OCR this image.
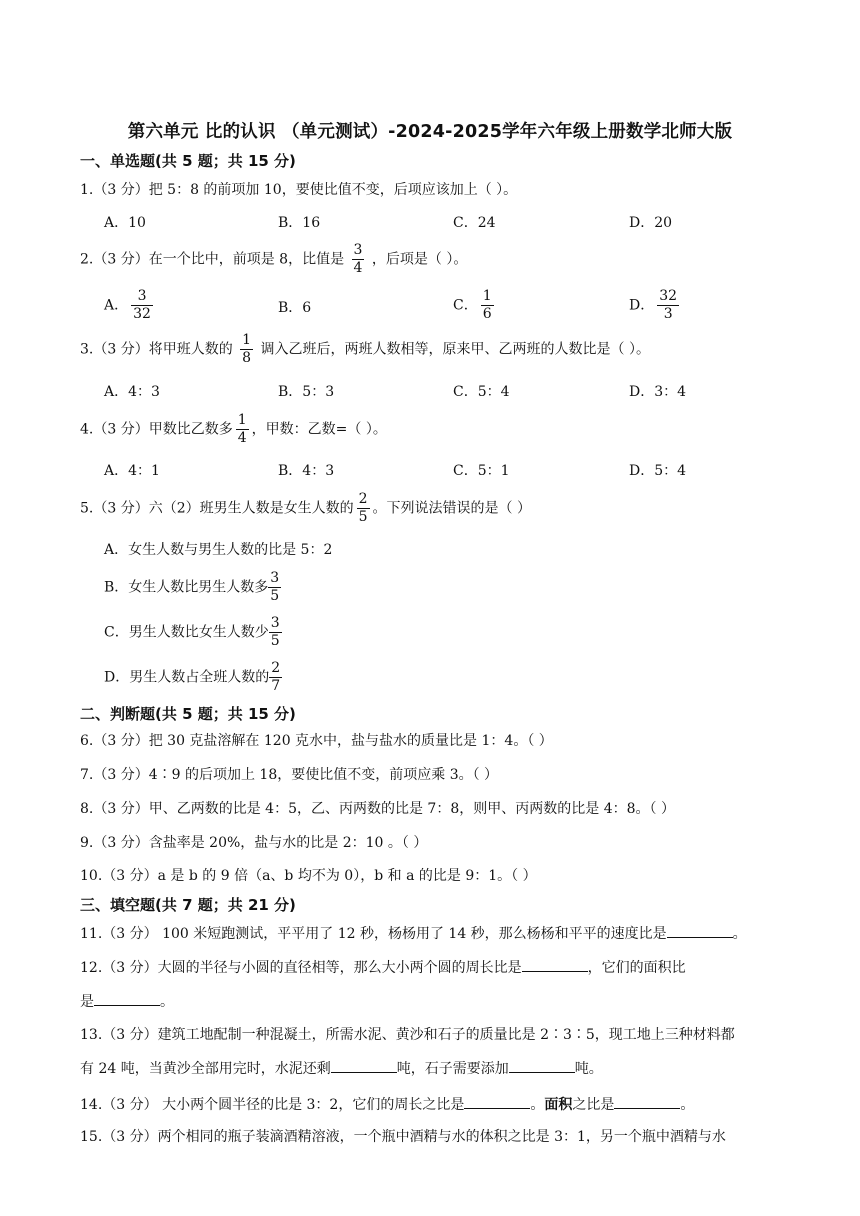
第六单元 比的认识 （单元测试）-2024-2025学年六年级上册数学北师大版
一、单选题(共 5 题；共 15 分)
1.（3 分）把 5：8 的前项加 10，要使比值不变，后项应该加上（ ）。
A．10	B．16	C．24	D．20
2.（3 分）在一个比中，前项是 8，比值是 $\frac{3}{4}$ ，后项是（ ）。
A． $\frac{3}{32}$	B．6	C． $\frac{1}{6}$	D． $\frac{32}{3}$
3.（3 分）将甲班人数的 $\frac{1}{8}$ 调入乙班后，两班人数相等，原来甲、乙两班的人数比是（ ）。
A．4：3	B．5：3	C．5：4	D．3：4
4.（3 分）甲数比乙数多 $\frac{1}{4}$ ，甲数：乙数=（ ）。
A．4：1	B．4：3	C．5：1	D．5：4
5.（3 分）六（2）班男生人数是女生人数的 $\frac{2}{5}$ 。下列说法错误的是（ ）
A．女生人数与男生人数的比是 5：2
B．女生人数比男生人数多 $\frac{3}{5}$
C．男生人数比女生人数少 $\frac{3}{5}$
D．男生人数占全班人数的 $\frac{2}{7}$
二、判断题(共 5 题；共 15 分)
6.（3 分）把 30 克盐溶解在 120 克水中，盐与盐水的质量比是 1：4。（ ）
7.（3 分）4∶9 的后项加上 18，要使比值不变，前项应乘 3。（ ）
8.（3 分）甲、乙两数的比是 4：5，乙、丙两数的比是 7：8，则甲、丙两数的比是 4：8。（ ）
9.（3 分）含盐率是 20%，盐与水的比是 2：10 。（ ）
10.（3 分）a 是 b 的 9 倍（a、b 均不为 0），b 和 a 的比是 9：1。（ ）
三、填空题(共 7 题；共 21 分)
11.（3 分） 100 米短跑测试，平平用了 12 秒，杨杨用了 14 秒，那么杨杨和平平的速度比是	。
12.（3 分）大圆的半径与小圆的直径相等，那么大小两个圆的周长比是	，它们的面积比
是	。
13.（3 分）建筑工地配制一种混凝土，所需水泥、黄沙和石子的质量比是 2∶3∶5，现工地上三种材料都
有 24 吨，当黄沙全部用完时，水泥还剩	吨，石子需要添加	吨。
14.（3 分） 大小两个圆半径的比是 3：2，它们的周长之比是	。面积之比是	。
15.（3 分）两个相同的瓶子装滴酒精溶液，一个瓶中酒精与水的体积之比是 3：1，另一个瓶中酒精与水
